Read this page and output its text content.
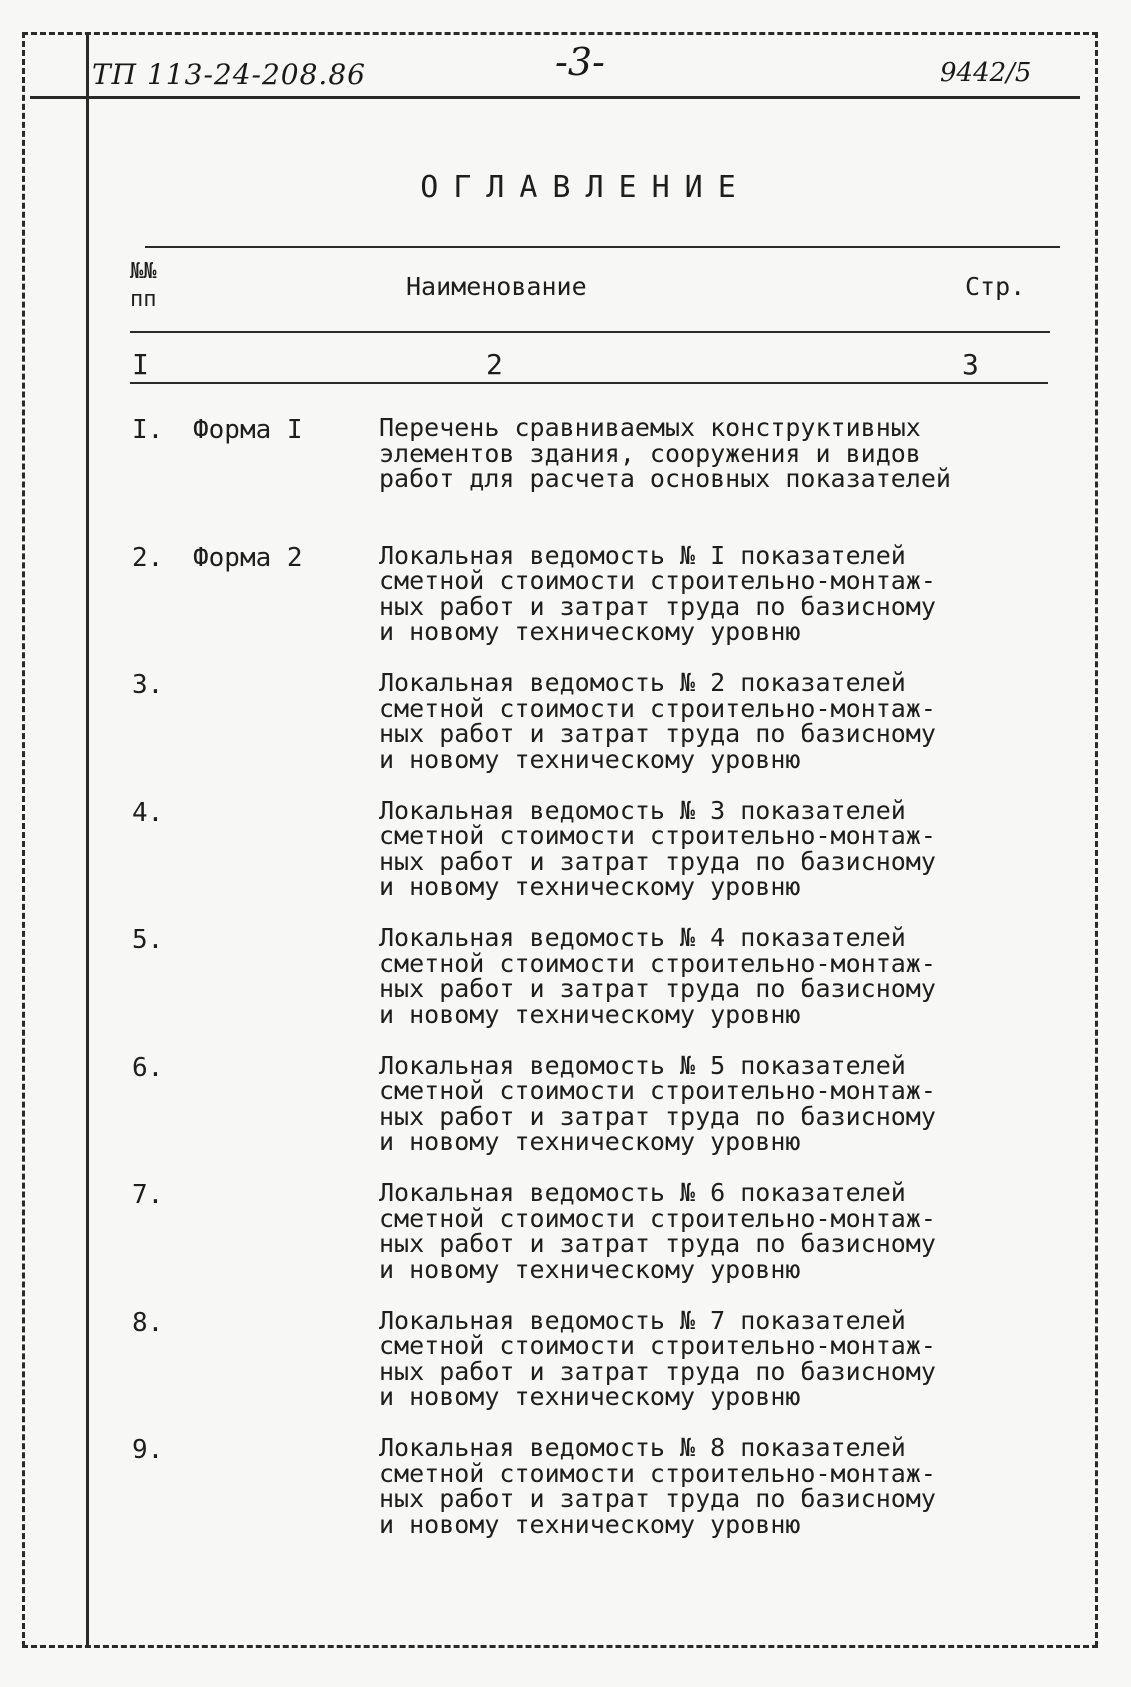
ТП 113-24-208.86	-3-	9442/5
ОГЛАВЛЕНИЕ
№№
пп	Наименование	Стр.
I	2	3
I. Форма I	Перечень сравниваемых конструктивных
элементов здания, сооружения и видов
работ для расчета основных показателей

2. Форма 2	Локальная ведомость № I показателей
сметной стоимости строительно-монтаж-
ных работ и затрат труда по базисному
и новому техническому уровню

3.	Локальная ведомость № 2 показателей
сметной стоимости строительно-монтаж-
ных работ и затрат труда по базисному
и новому техническому уровню

4.	Локальная ведомость № 3 показателей
сметной стоимости строительно-монтаж-
ных работ и затрат труда по базисному
и новому техническому уровню

5.	Локальная ведомость № 4 показателей
сметной стоимости строительно-монтаж-
ных работ и затрат труда по базисному
и новому техническому уровню

6.	Локальная ведомость № 5 показателей
сметной стоимости строительно-монтаж-
ных работ и затрат труда по базисному
и новому техническому уровню

7.	Локальная ведомость № 6 показателей
сметной стоимости строительно-монтаж-
ных работ и затрат труда по базисному
и новому техническому уровню

8.	Локальная ведомость № 7 показателей
сметной стоимости строительно-монтаж-
ных работ и затрат труда по базисному
и новому техническому уровню

9.	Локальная ведомость № 8 показателей
сметной стоимости строительно-монтаж-
ных работ и затрат труда по базисному
и новому техническому уровню
